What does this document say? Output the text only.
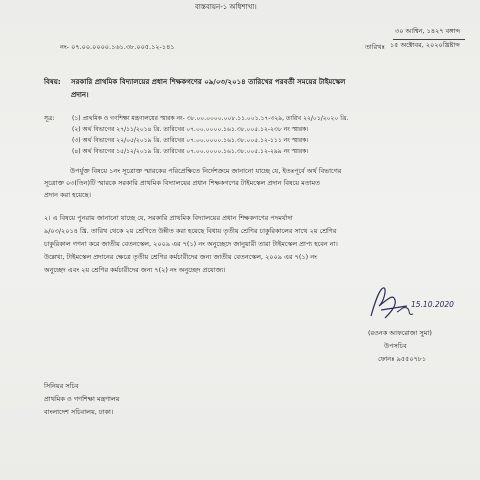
বাস্তবায়ন-১ অধিশাখা।
নং- ০৭.০০.০০০০.১৬১.৩৮.০০৫.১২-১৪১	তারিখঃ
৩০ আশ্বিন, ১৪২৭ বঙ্গাব্দ
১৫ অক্টোবর, ২০২০খ্রিষ্টাব্দ
বিষয়: সরকারি প্রাথমিক বিদ্যালয়ের প্রধান শিক্ষকগণের ০৯/০৩/২০১৪ তারিখের পরবর্তী সময়ের টাইমস্কেল
প্রদান।
সূত্র:	(১) প্রাথমিক ও গণশিক্ষা মন্ত্রণালয়ের স্মারক নং- ৩৮.০০.০০০০.০০৮.১১.০০১.১৭-৩২৯, তারিখ ২২/০১/২০২০ খ্রি.
(২) অর্থ বিভাগের ২৭/১১/২০১৪ খ্রি. তারিখের ০৭.০০.০০০০.১৬১.৩৮.০০৫.১২-২৩৮ নং স্মারক।
(৩) অর্থ বিভাগের ২২/০৫/২০১৯ খ্রি. তারিখের ০৭.০০.০০০০.১৬১.৩৮.০০৫.১২-১১১ নং স্মারক।
(৪) অর্থ বিভাগের ১৫/১২/২০১৯ খ্রি. তারিখের ০৭.০০.০০০০.১৬১.৩৮.০০৫.১২-২৯৯ নং স্মারক।
উপর্যুক্ত বিষয়ে ১নং সূত্রোক্ত স্মারকের পরিপ্রেক্ষিতে নির্দেশক্রমে জানানো যাচ্ছে যে, ইতঃপূর্বে অর্থ বিভাগের
সূত্রোক্ত ০৩(তিন)টি স্মারকে সরকারি প্রাথমিক বিদ্যালয়ের প্রধান শিক্ষকগণের টাইমস্কেল প্রদান বিষয়ে মতামত
প্রদান করা হয়েছে।
২। এ বিষয়ে পুনরায় জানানো যাচ্ছে যে, সরকারি প্রাথমিক বিদ্যালয়ের প্রধান শিক্ষকগণের পদমর্যাদা
৯/০৩/২০১৪ খ্রি. তারিখ থেকে ২য় শ্রেণিতে উন্নীত করা হয়েছে বিধায় তৃতীয় শ্রেণির চাকুরিকালের সাথে ২য় শ্রেণির
চাকুরিকাল গণনা করে জাতীয় বেতনস্কেল, ২০০৯ এর ৭(১) নং অনুচ্ছেদে জানুয়ারী তারা টাইমস্কেল প্রাপ্য হবেন না।
উল্লেখ্য, টাইমস্কেল প্রদানের ক্ষেত্রে তৃতীয় শ্রেণির কর্মচারীদের জন্য জাতীয় বেতনস্কেল, ২০০৯ এর ৭(১) নং
অনুচ্ছেদ এবং ২য় শ্রেণির কর্মচারীদের জন্য ৭(২) নং অনুচ্ছেদ প্রযোজ্য।
15.10.2020
(রওনক আফরোজা সুমা)
উপসচিব
ফোনঃ ৯৫৫০৭৮১
সিনিয়র সচিব
প্রাথমিক ও গণশিক্ষা মন্ত্রণালয়
বাংলাদেশ সচিবালয়, ঢাকা।
